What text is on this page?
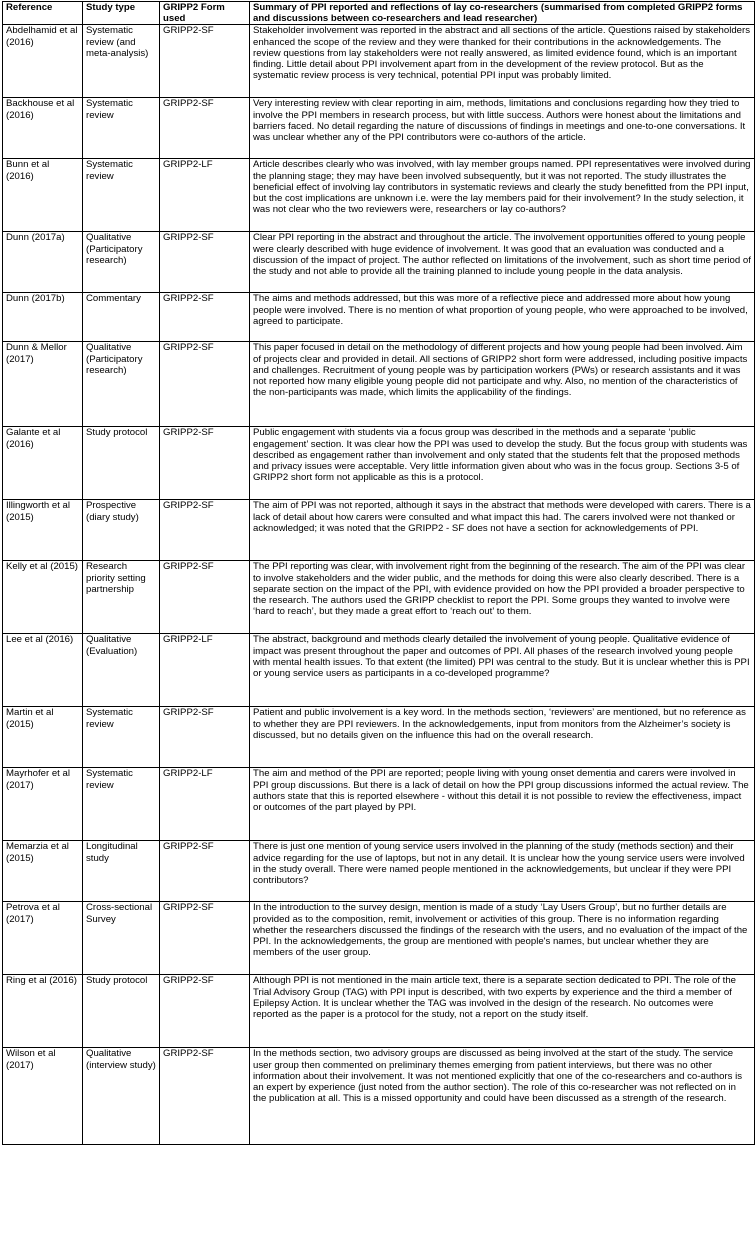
Reference	Study type	GRIPP2 Form used	Summary of PPI reported and reflections of lay co-researchers (summarised from completed GRIPP2 forms and discussions between co-researchers and lead researcher)
Abdelhamid et al (2016)	Systematic review (and meta-analysis)	GRIPP2-SF	Stakeholder involvement was reported in the abstract and all sections of the article. Questions raised by stakeholders enhanced the scope of the review and they were thanked for their contributions in the acknowledgements. The review questions from lay stakeholders were not really answered, as limited evidence found, which is an important finding. Little detail about PPI involvement apart from in the development of the review protocol. But as the systematic review process is very technical, potential PPI input was probably limited.
Backhouse et al (2016)	Systematic review	GRIPP2-SF	Very interesting review with clear reporting in aim, methods, limitations and conclusions regarding how they tried to involve the PPI members in research process, but with little success. Authors were honest about the limitations and barriers faced. No detail regarding the nature of discussions of findings in meetings and one-to-one conversations. It was unclear whether any of the PPI contributors were co-authors of the article.
Bunn et al (2016)	Systematic review	GRIPP2-LF	Article describes clearly who was involved, with lay member groups named. PPI representatives were involved during the planning stage; they may have been involved subsequently, but it was not reported. The study illustrates the beneficial effect of involving lay contributors in systematic reviews and clearly the study benefitted from the PPI input, but the cost implications are unknown i.e. were the lay members paid for their involvement? In the study selection, it was not clear who the two reviewers were, researchers or lay co-authors?
Dunn (2017a)	Qualitative (Participatory research)	GRIPP2-SF	Clear PPI reporting in the abstract and throughout the article. The involvement opportunities offered to young people were clearly described with huge evidence of involvement. It was good that an evaluation was conducted and a discussion of the impact of project. The author reflected on limitations of the involvement, such as short time period of the study and not able to provide all the training planned to include young people in the data analysis.
Dunn (2017b)	Commentary	GRIPP2-SF	The aims and methods addressed, but this was more of a reflective piece and addressed more about how young people were involved. There is no mention of what proportion of young people, who were approached to be involved, agreed to participate.
Dunn & Mellor (2017)	Qualitative (Participatory research)	GRIPP2-SF	This paper focused in detail on the methodology of different projects and how young people had been involved. Aim of projects clear and provided in detail. All sections of GRIPP2 short form were addressed, including positive impacts and challenges. Recruitment of young people was by participation workers (PWs) or research assistants and it was not reported how many eligible young people did not participate and why. Also, no mention of the characteristics of the non-participants was made, which limits the applicability of the findings.
Galante et al (2016)	Study protocol	GRIPP2-SF	Public engagement with students via a focus group was described in the methods and a separate ‘public engagement’ section. It was clear how the PPI was used to develop the study. But the focus group with students was described as engagement rather than involvement and only stated that the students felt that the proposed methods and privacy issues were acceptable. Very little information given about who was in the focus group. Sections 3-5 of GRIPP2 short form not applicable as this is a protocol.
Illingworth et al (2015)	Prospective (diary study)	GRIPP2-SF	The aim of PPI was not reported, although it says in the abstract that methods were developed with carers. There is a lack of detail about how carers were consulted and what impact this had. The carers involved were not thanked or acknowledged; it was noted that the GRIPP2 - SF does not have a section for acknowledgements of PPI.
Kelly et al (2015)	Research priority setting partnership	GRIPP2-SF	The PPI reporting was clear, with involvement right from the beginning of the research. The aim of the PPI was clear to involve stakeholders and the wider public, and the methods for doing this were also clearly described. There is a separate section on the impact of the PPI, with evidence provided on how the PPI provided a broader perspective to the research. The authors used the GRIPP checklist to report the PPI. Some groups they wanted to involve were ‘hard to reach’, but they made a great effort to ‘reach out’ to them.
Lee et al (2016)	Qualitative (Evaluation)	GRIPP2-LF	The abstract, background and methods clearly detailed the involvement of young people. Qualitative evidence of impact was present throughout the paper and outcomes of PPI. All phases of the research involved young people with mental health issues. To that extent (the limited) PPI was central to the study. But it is unclear whether this is PPI or young service users as participants in a co-developed programme?
Martin et al (2015)	Systematic review	GRIPP2-SF	Patient and public involvement is a key word. In the methods section, ‘reviewers’ are mentioned, but no reference as to whether they are PPI reviewers. In the acknowledgements, input from monitors from the Alzheimer’s society is discussed, but no details given on the influence this had on the overall research.
Mayrhofer et al (2017)	Systematic review	GRIPP2-LF	The aim and method of the PPI are reported; people living with young onset dementia and carers were involved in PPI group discussions. But there is a lack of detail on how the PPI group discussions informed the actual review. The authors state that this is reported elsewhere - without this detail it is not possible to review the effectiveness, impact or outcomes of the part played by PPI.
Memarzia et al (2015)	Longitudinal study	GRIPP2-SF	There is just one mention of young service users involved in the planning of the study (methods section) and their advice regarding for the use of laptops, but not in any detail. It is unclear how the young service users were involved in the study overall. There were named people mentioned in the acknowledgements, but unclear if they were PPI contributors?
Petrova et al (2017)	Cross-sectional Survey	GRIPP2-SF	In the introduction to the survey design, mention is made of a study ‘Lay Users Group’, but no further details are provided as to the composition, remit, involvement or activities of this group. There is no information regarding whether the researchers discussed the findings of the research with the users, and no evaluation of the impact of the PPI. In the acknowledgements, the group are mentioned with people's names, but unclear whether they are members of the user group.
Ring et al (2016)	Study protocol	GRIPP2-SF	Although PPI is not mentioned in the main article text, there is a separate section dedicated to PPI. The role of the Trial Advisory Group (TAG) with PPI input is described, with two experts by experience and the third a member of Epilepsy Action. It is unclear whether the TAG was involved in the design of the research. No outcomes were reported as the paper is a protocol for the study, not a report on the study itself.
Wilson et al (2017)	Qualitative (interview study)	GRIPP2-SF	In the methods section, two advisory groups are discussed as being involved at the start of the study. The service user group then commented on preliminary themes emerging from patient interviews, but there was no other information about their involvement. It was not mentioned explicitly that one of the co-researchers and co-authors is an expert by experience (just noted from the author section). The role of this co-researcher was not reflected on in the publication at all. This is a missed opportunity and could have been discussed as a strength of the research.
